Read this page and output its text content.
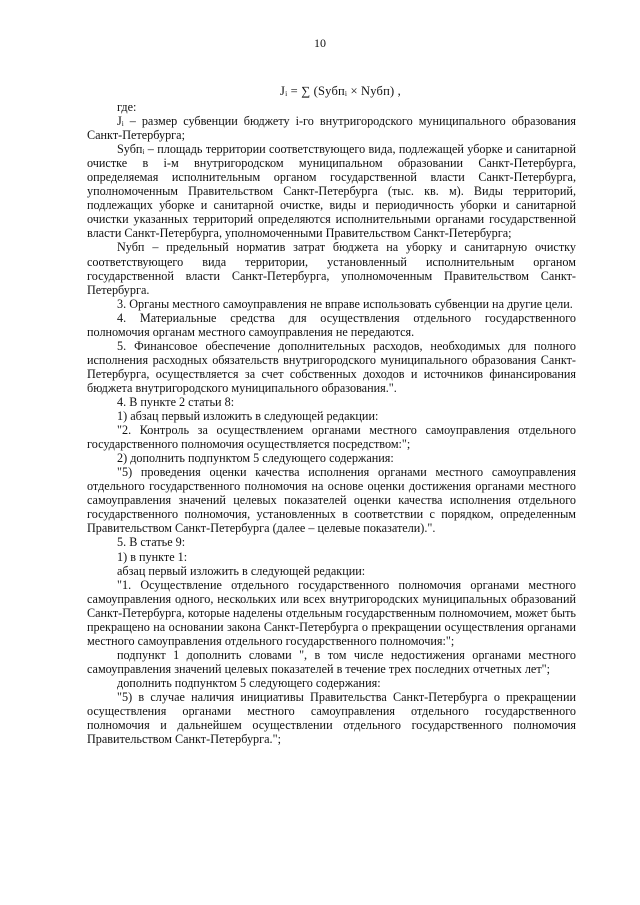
10
Jᵢ = ∑ (Sубпᵢ × Nубп) ,

где:

Jᵢ – размер субвенции бюджету i-го внутригородского муниципального образования Санкт-Петербурга;

Sубпᵢ – площадь территории соответствующего вида, подлежащей уборке и санитарной очистке в i-м внутригородском муниципальном образовании Санкт-Петербурга, определяемая исполнительным органом государственной власти Санкт-Петербурга, уполномоченным Правительством Санкт-Петербурга (тыс. кв. м). Виды территорий, подлежащих уборке и санитарной очистке, виды и периодичность уборки и санитарной очистки указанных территорий определяются исполнительными органами государственной власти Санкт-Петербурга, уполномоченными Правительством Санкт-Петербурга;

Nубп – предельный норматив затрат бюджета на уборку и санитарную очистку соответствующего вида территории, установленный исполнительным органом государственной власти Санкт-Петербурга, уполномоченным Правительством Санкт-Петербурга.

3. Органы местного самоуправления не вправе использовать субвенции на другие цели.

4. Материальные средства для осуществления отдельного государственного полномочия органам местного самоуправления не передаются.

5. Финансовое обеспечение дополнительных расходов, необходимых для полного исполнения расходных обязательств внутригородского муниципального образования Санкт-Петербурга, осуществляется за счет собственных доходов и источников финансирования бюджета внутригородского муниципального образования.".

4. В пункте 2 статьи 8:

1) абзац первый изложить в следующей редакции:

"2. Контроль за осуществлением органами местного самоуправления отдельного государственного полномочия осуществляется посредством:";

2) дополнить подпунктом 5 следующего содержания:

"5) проведения оценки качества исполнения органами местного самоуправления отдельного государственного полномочия на основе оценки достижения органами местного самоуправления значений целевых показателей оценки качества исполнения отдельного государственного полномочия, установленных в соответствии с порядком, определенным Правительством Санкт-Петербурга (далее – целевые показатели).".

5. В статье 9:

1) в пункте 1:

абзац первый изложить в следующей редакции:

"1. Осуществление отдельного государственного полномочия органами местного самоуправления одного, нескольких или всех внутригородских муниципальных образований Санкт-Петербурга, которые наделены отдельным государственным полномочием, может быть прекращено на основании закона Санкт-Петербурга о прекращении осуществления органами местного самоуправления отдельного государственного полномочия:";

подпункт 1 дополнить словами ", в том числе недостижения органами местного самоуправления значений целевых показателей в течение трех последних отчетных лет";

дополнить подпунктом 5 следующего содержания:

"5) в случае наличия инициативы Правительства Санкт-Петербурга о прекращении осуществления органами местного самоуправления отдельного государственного полномочия и дальнейшем осуществлении отдельного государственного полномочия Правительством Санкт-Петербурга.";
